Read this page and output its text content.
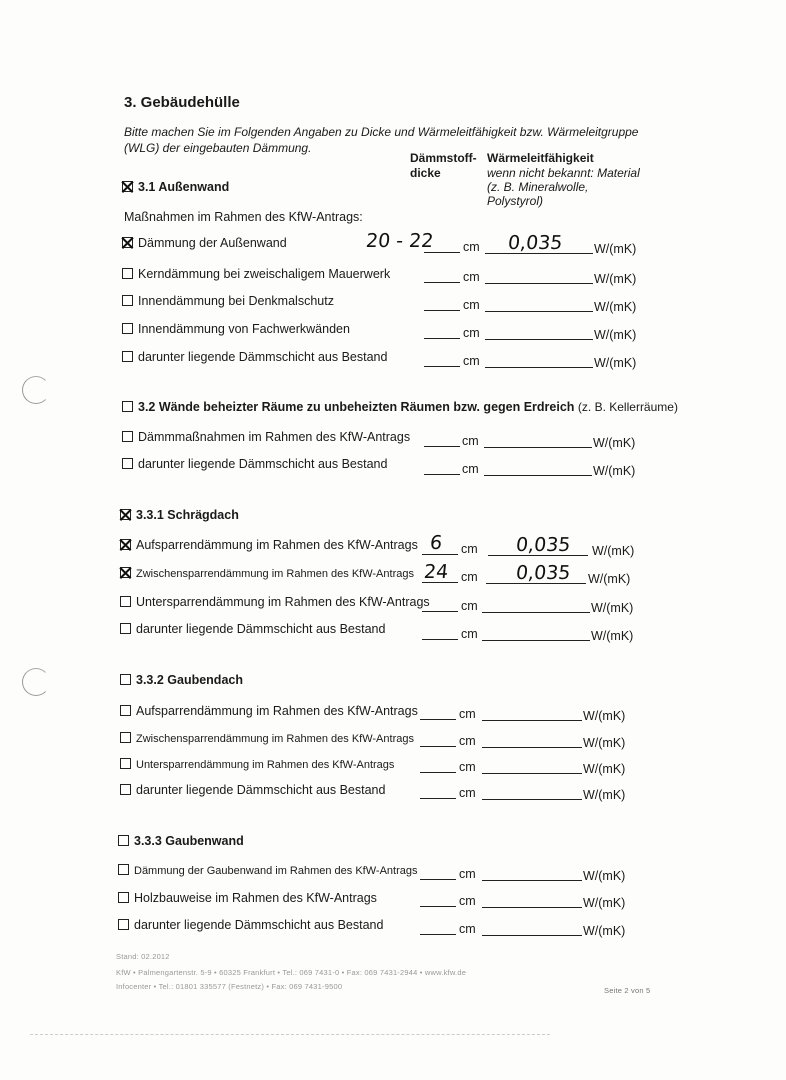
3. Gebäudehülle
Bitte machen Sie im Folgenden Angaben zu Dicke und Wärmeleitfähigkeit bzw. Wärmeleitgruppe
(WLG) der eingebauten Dämmung.
Dämmstoff-
dicke
Wärmeleitfähigkeit
wenn nicht bekannt: Material
(z. B. Mineralwolle,
Polystyrol)
3.1 Außenwand
Maßnahmen im Rahmen des KfW-Antrags:
Dämmung der Außenwand	20 - 22 cm 0,035 W/(mK)
Kerndämmung bei zweischaligem Mauerwerk	cm	W/(mK)
Innendämmung bei Denkmalschutz	cm	W/(mK)
Innendämmung von Fachwerkwänden	cm	W/(mK)
darunter liegende Dämmschicht aus Bestand	cm	W/(mK)
3.2 Wände beheizter Räume zu unbeheizten Räumen bzw. gegen Erdreich (z. B. Kellerräume)
Dämmmaßnahmen im Rahmen des KfW-Antrags	cm	W/(mK)
darunter liegende Dämmschicht aus Bestand	cm	W/(mK)
3.3.1 Schrägdach
Aufsparrendämmung im Rahmen des KfW-Antrags 6 cm 0,035 W/(mK)
Zwischensparrendämmung im Rahmen des KfW-Antrags 24 cm 0,035 W/(mK)
Untersparrendämmung im Rahmen des KfW-Antrags	cm	W/(mK)
darunter liegende Dämmschicht aus Bestand	cm	W/(mK)
3.3.2 Gaubendach
Aufsparrendämmung im Rahmen des KfW-Antrags	cm	W/(mK)
Zwischensparrendämmung im Rahmen des KfW-Antrags	cm	W/(mK)
Untersparrendämmung im Rahmen des KfW-Antrags	cm	W/(mK)
darunter liegende Dämmschicht aus Bestand	cm	W/(mK)
3.3.3 Gaubenwand
Dämmung der Gaubenwand im Rahmen des KfW-Antrags	cm	W/(mK)
Holzbauweise im Rahmen des KfW-Antrags	cm	W/(mK)
darunter liegende Dämmschicht aus Bestand	cm	W/(mK)
Stand: 02.2012
KfW • Palmengartenstr. 5-9 • 60325 Frankfurt • Tel.: 069 7431-0 • Fax: 069 7431-2944 • www.kfw.de
Infocenter • Tel.: 01801 335577 (Festnetz) • Fax: 069 7431-9500	Seite 2 von 5
